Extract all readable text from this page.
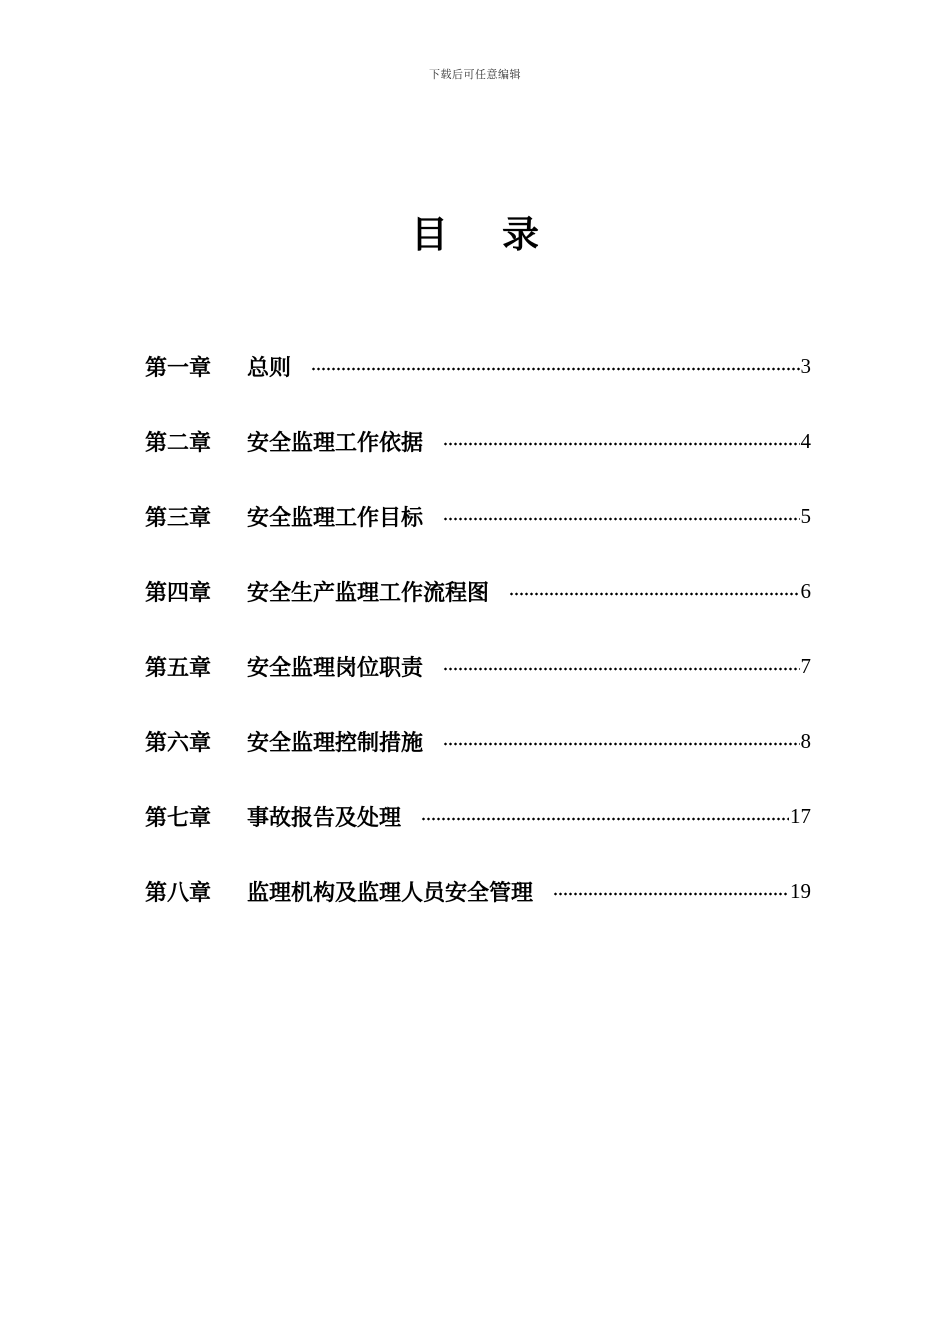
下载后可任意编辑
目 录
第一章	总则	3
第二章	安全监理工作依据	4
第三章	安全监理工作目标	5
第四章	安全生产监理工作流程图	6
第五章	安全监理岗位职责	7
第六章	安全监理控制措施	8
第七章	事故报告及处理	17
第八章	监理机构及监理人员安全管理	19
